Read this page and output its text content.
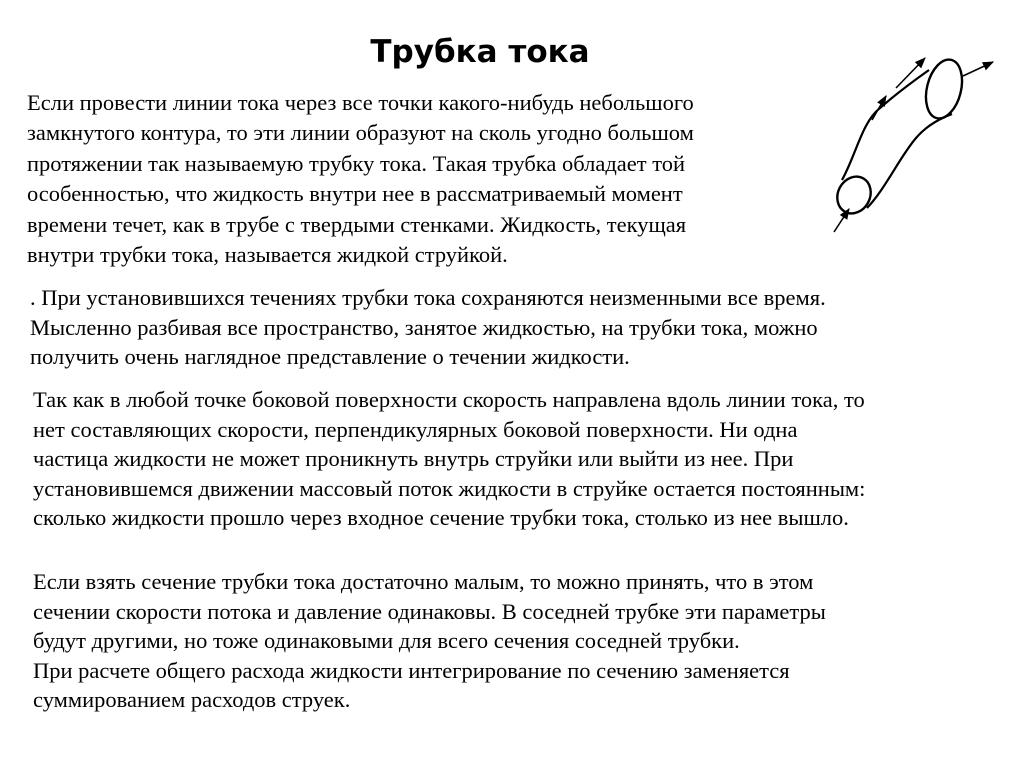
Трубка тока
Если провести линии тока через все точки какого-нибудь небольшого
замкнутого контура, то эти линии образуют на сколь угодно большом
протяжении так называемую трубку тока. Такая трубка обладает той
особенностью, что жидкость внутри нее в рассматриваемый момент
времени течет, как в трубе с твердыми стенками. Жидкость, текущая
внутри трубки тока, называется жидкой струйкой.
. При установившихся течениях трубки тока сохраняются неизменными все время.
Мысленно разбивая все пространство, занятое жидкостью, на трубки тока, можно
получить очень наглядное представление о течении жидкости.
Так как в любой точке боковой поверхности скорость направлена вдоль линии тока, то
нет составляющих скорости, перпендикулярных боковой поверхности. Ни одна
частица жидкости не может проникнуть внутрь струйки или выйти из нее. При
установившемся движении массовый поток жидкости в струйке остается постоянным:
сколько жидкости прошло через входное сечение трубки тока, столько из нее вышло.
Если взять сечение трубки тока достаточно малым, то можно принять, что в этом
сечении скорости потока и давление одинаковы. В соседней трубке эти параметры
будут другими, но тоже одинаковыми для всего сечения соседней трубки.
При расчете общего расхода жидкости интегрирование по сечению заменяется
суммированием расходов струек.
